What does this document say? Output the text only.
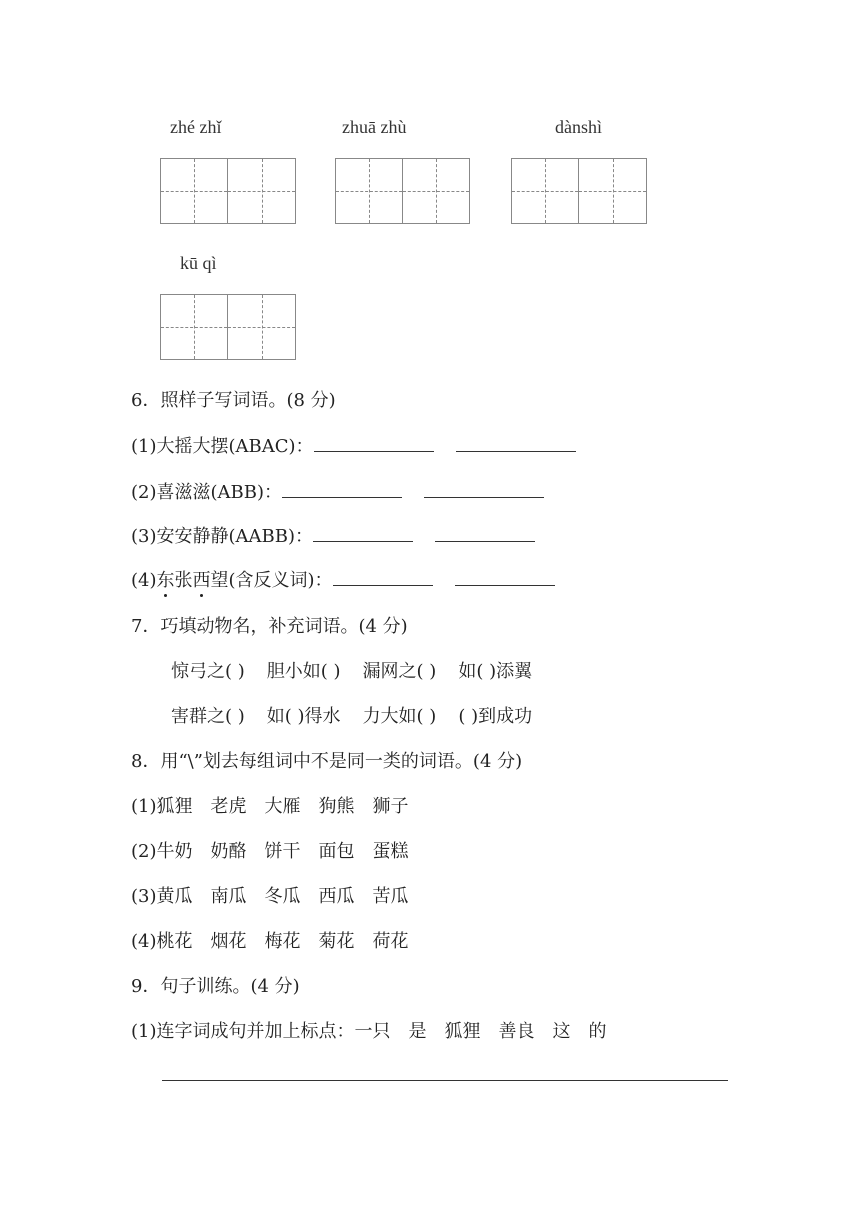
zhé zhǐ	zhuā zhù	dànshì
kū qì
6．照样子写词语。(8 分)
(1)大摇大摆(ABAC)：
(2)喜滋滋(ABB)：
(3)安安静静(AABB)：
(4)东张西望(含反义词)：
7．巧填动物名，补充词语。(4 分)
惊弓之( ) 胆小如( ) 漏网之( ) 如( )添翼
害群之( ) 如( )得水 力大如( ) ( )到成功
8．用“\”划去每组词中不是同一类的词语。(4 分)
(1)狐狸　老虎　大雁　狗熊　狮子
(2)牛奶　奶酪　饼干　面包　蛋糕
(3)黄瓜　南瓜　冬瓜　西瓜　苦瓜
(4)桃花　烟花　梅花　菊花　荷花
9．句子训练。(4 分)
(1)连字词成句并加上标点：一只　是　狐狸　善良　这　的
